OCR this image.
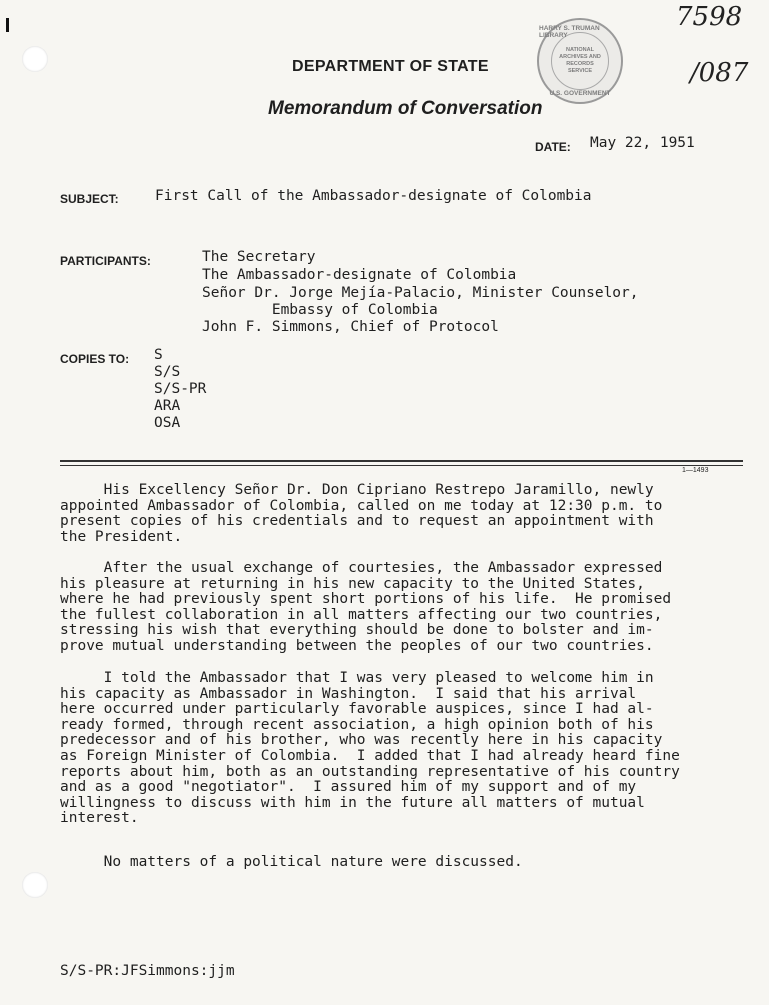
HARRY S. TRUMAN LIBRARY
NATIONAL
ARCHIVES AND
RECORDS
SERVICE
U.S. GOVERNMENT
7598
/087
DEPARTMENT OF STATE
Memorandum of Conversation
DATE: May 22, 1951
SUBJECT:	First Call of the Ambassador-designate of Colombia
PARTICIPANTS:	The Secretary
The Ambassador-designate of Colombia
Señor Dr. Jorge Mejía-Palacio, Minister Counselor,
Embassy of Colombia
John F. Simmons, Chief of Protocol
COPIES TO: S
S/S
S/S-PR
ARA
OSA
1—1493
His Excellency Señor Dr. Don Cipriano Restrepo Jaramillo, newly
appointed Ambassador of Colombia, called on me today at 12:30 p.m. to
present copies of his credentials and to request an appointment with
the President.
After the usual exchange of courtesies, the Ambassador expressed
his pleasure at returning in his new capacity to the United States,
where he had previously spent short portions of his life.  He promised
the fullest collaboration in all matters affecting our two countries,
stressing his wish that everything should be done to bolster and im-
prove mutual understanding between the peoples of our two countries.
I told the Ambassador that I was very pleased to welcome him in
his capacity as Ambassador in Washington.  I said that his arrival
here occurred under particularly favorable auspices, since I had al-
ready formed, through recent association, a high opinion both of his
predecessor and of his brother, who was recently here in his capacity
as Foreign Minister of Colombia.  I added that I had already heard fine
reports about him, both as an outstanding representative of his country
and as a good "negotiator".  I assured him of my support and of my
willingness to discuss with him in the future all matters of mutual
interest.
No matters of a political nature were discussed.
S/S-PR:JFSimmons:jjm
